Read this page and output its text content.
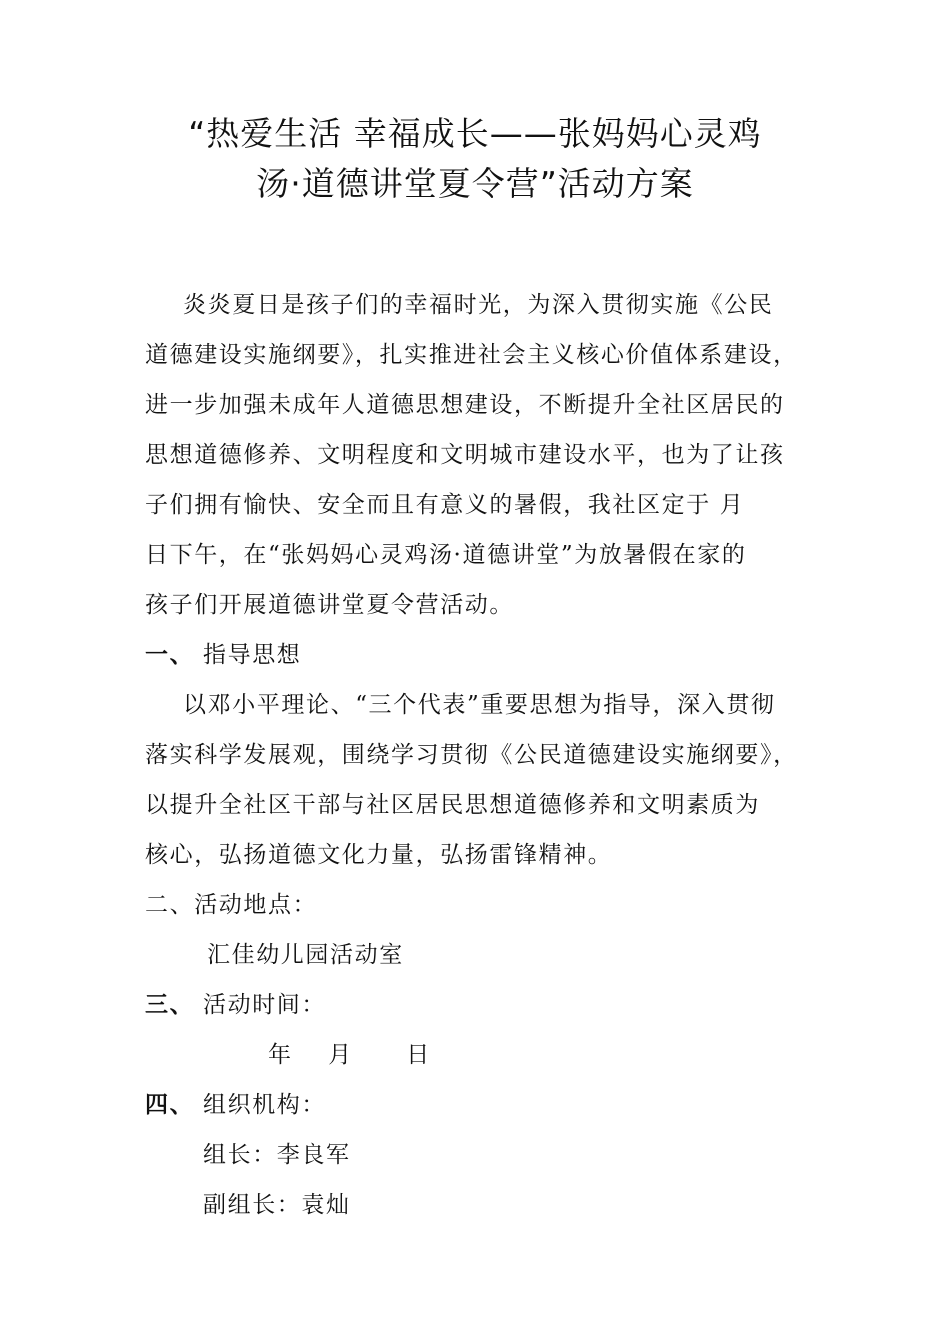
“热爱生活 幸福成长——张妈妈心灵鸡
汤·道德讲堂夏令营”活动方案
炎炎夏日是孩子们的幸福时光，为深入贯彻实施《公民
道德建设实施纲要》，扎实推进社会主义核心价值体系建设，
进一步加强未成年人道德思想建设，不断提升全社区居民的
思想道德修养、文明程度和文明城市建设水平，也为了让孩
子们拥有愉快、安全而且有意义的暑假，我社区定于 月
日下午，在“张妈妈心灵鸡汤·道德讲堂”为放暑假在家的
孩子们开展道德讲堂夏令营活动。
一、 指导思想
以邓小平理论、“三个代表”重要思想为指导，深入贯彻
落实科学发展观，围绕学习贯彻《公民道德建设实施纲要》，
以提升全社区干部与社区居民思想道德修养和文明素质为
核心，弘扬道德文化力量，弘扬雷锋精神。
二、活动地点：
汇佳幼儿园活动室
三、 活动时间：
年    月      日
四、 组织机构：
组长：李良军
副组长：袁灿
